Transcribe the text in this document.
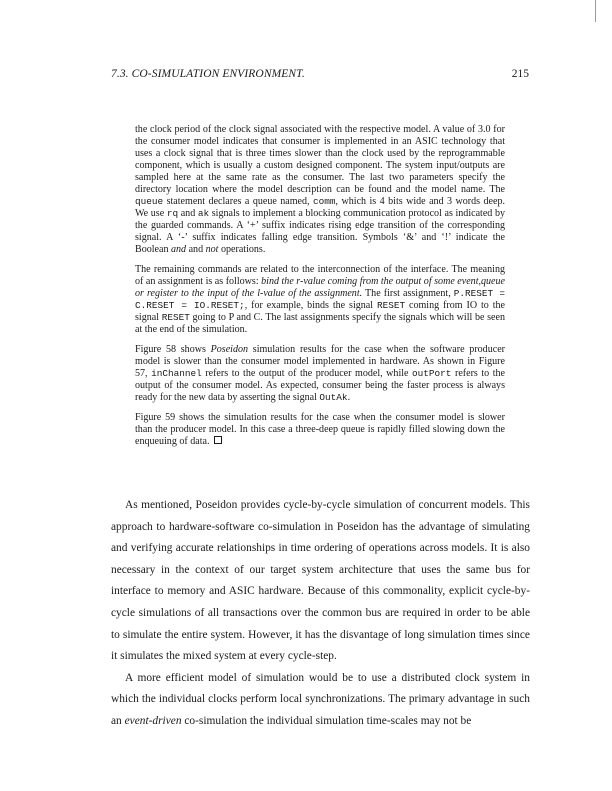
7.3. CO-SIMULATION ENVIRONMENT.	215

the clock period of the clock signal associated with the respective model. A value of 3.0 for the consumer model indicates that consumer is implemented in an ASIC technology that uses a clock signal that is three times slower than the clock used by the reprogrammable component, which is usually a custom designed component. The system input/outputs are sampled here at the same rate as the consumer. The last two parameters specify the directory location where the model description can be found and the model name. The queue statement declares a queue named, comm, which is 4 bits wide and 3 words deep. We use rq and ak signals to implement a blocking communication protocol as indicated by the guarded commands. A ‘+’ suffix indicates rising edge transition of the corresponding signal. A ‘-’ suffix indicates falling edge transition. Symbols ‘&’ and ‘!’ indicate the Boolean and and not operations.

The remaining commands are related to the interconnection of the interface. The meaning of an assignment is as follows: bind the r-value coming from the output of some event,queue or register to the input of the l-value of the assignment. The first assignment, P.RESET = C.RESET = IO.RESET;, for example, binds the signal RESET coming from IO to the signal RESET going to P and C. The last assignments specify the signals which will be seen at the end of the simulation.

Figure 58 shows Poseidon simulation results for the case when the software producer model is slower than the consumer model implemented in hardware. As shown in Figure 57, inChannel refers to the output of the producer model, while outPort refers to the output of the consumer model. As expected, consumer being the faster process is always ready for the new data by asserting the signal OutAk.

Figure 59 shows the simulation results for the case when the consumer model is slower than the producer model. In this case a three-deep queue is rapidly filled slowing down the enqueuing of data.

As mentioned, Poseidon provides cycle-by-cycle simulation of concurrent models. This approach to hardware-software co-simulation in Poseidon has the advantage of simulating and verifying accurate relationships in time ordering of operations across models. It is also necessary in the context of our target system architecture that uses the same bus for interface to memory and ASIC hardware. Because of this commonality, explicit cycle-by-cycle simulations of all transactions over the common bus are required in order to be able to simulate the entire system. However, it has the disvantage of long simulation times since it simulates the mixed system at every cycle-step.

A more efficient model of simulation would be to use a distributed clock system in which the individual clocks perform local synchronizations. The primary advantage in such an event-driven co-simulation the individual simulation time-scales may not be
